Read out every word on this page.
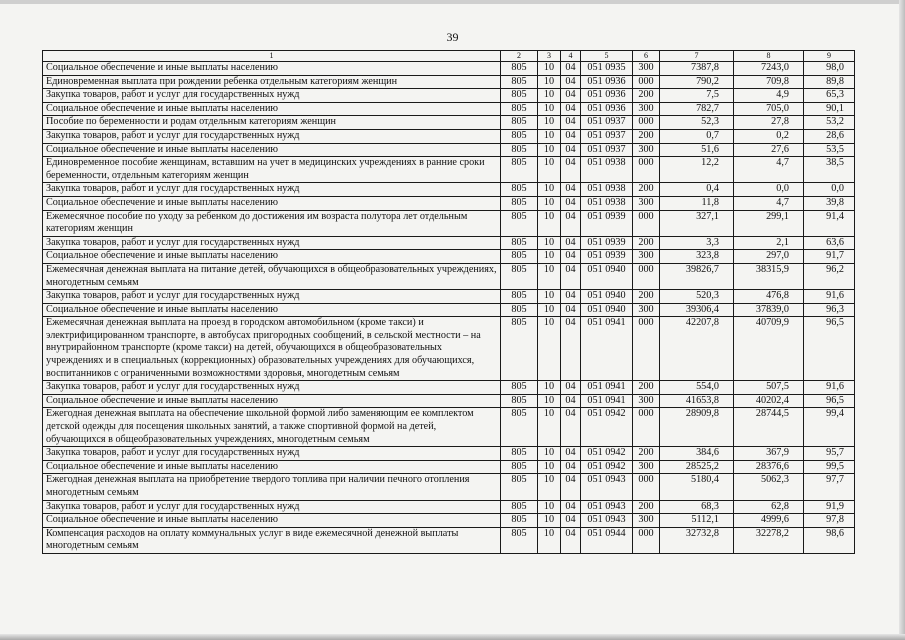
39
1	2	3	4	5	6	7	8	9
Социальное обеспечение и иные выплаты населению	805	10	04	051 0935	300	7387,8	7243,0	98,0
Единовременная выплата при рождении ребенка отдельным категориям женщин	805	10	04	051 0936	000	790,2	709,8	89,8
Закупка товаров, работ и услуг для государственных нужд	805	10	04	051 0936	200	7,5	4,9	65,3
Социальное обеспечение и иные выплаты населению	805	10	04	051 0936	300	782,7	705,0	90,1
Пособие по беременности и родам отдельным категориям женщин	805	10	04	051 0937	000	52,3	27,8	53,2
Закупка товаров, работ и услуг для государственных нужд	805	10	04	051 0937	200	0,7	0,2	28,6
Социальное обеспечение и иные выплаты населению	805	10	04	051 0937	300	51,6	27,6	53,5
Единовременное пособие женщинам, вставшим на учет в медицинских учреждениях в ранние сроки беременности, отдельным категориям женщин	805	10	04	051 0938	000	12,2	4,7	38,5
Закупка товаров, работ и услуг для государственных нужд	805	10	04	051 0938	200	0,4	0,0	0,0
Социальное обеспечение и иные выплаты населению	805	10	04	051 0938	300	11,8	4,7	39,8
Ежемесячное пособие по уходу за ребенком до достижения им возраста полутора лет отдельным категориям женщин	805	10	04	051 0939	000	327,1	299,1	91,4
Закупка товаров, работ и услуг для государственных нужд	805	10	04	051 0939	200	3,3	2,1	63,6
Социальное обеспечение и иные выплаты населению	805	10	04	051 0939	300	323,8	297,0	91,7
Ежемесячная денежная выплата на питание детей, обучающихся в общеобразовательных учреждениях, многодетным семьям	805	10	04	051 0940	000	39826,7	38315,9	96,2
Закупка товаров, работ и услуг для государственных нужд	805	10	04	051 0940	200	520,3	476,8	91,6
Социальное обеспечение и иные выплаты населению	805	10	04	051 0940	300	39306,4	37839,0	96,3
Ежемесячная денежная выплата на проезд в городском автомобильном (кроме такси) и электрифицированном транспорте, в автобусах пригородных сообщений, в сельской местности – на внутрирайонном транспорте (кроме такси) на детей, обучающихся в общеобразовательных учреждениях и в специальных (коррекционных) образовательных учреждениях для обучающихся, воспитанников с ограниченными возможностями здоровья, многодетным семьям	805	10	04	051 0941	000	42207,8	40709,9	96,5
Закупка товаров, работ и услуг для государственных нужд	805	10	04	051 0941	200	554,0	507,5	91,6
Социальное обеспечение и иные выплаты населению	805	10	04	051 0941	300	41653,8	40202,4	96,5
Ежегодная денежная выплата на обеспечение школьной формой либо заменяющим ее комплектом детской одежды для посещения школьных занятий, а также спортивной формой на детей, обучающихся в общеобразовательных учреждениях, многодетным семьям	805	10	04	051 0942	000	28909,8	28744,5	99,4
Закупка товаров, работ и услуг для государственных нужд	805	10	04	051 0942	200	384,6	367,9	95,7
Социальное обеспечение и иные выплаты населению	805	10	04	051 0942	300	28525,2	28376,6	99,5
Ежегодная денежная выплата на приобретение твердого топлива при наличии печного отопления многодетным семьям	805	10	04	051 0943	000	5180,4	5062,3	97,7
Закупка товаров, работ и услуг для государственных нужд	805	10	04	051 0943	200	68,3	62,8	91,9
Социальное обеспечение и иные выплаты населению	805	10	04	051 0943	300	5112,1	4999,6	97,8
Компенсация расходов на оплату коммунальных услуг в виде ежемесячной денежной выплаты многодетным семьям	805	10	04	051 0944	000	32732,8	32278,2	98,6
